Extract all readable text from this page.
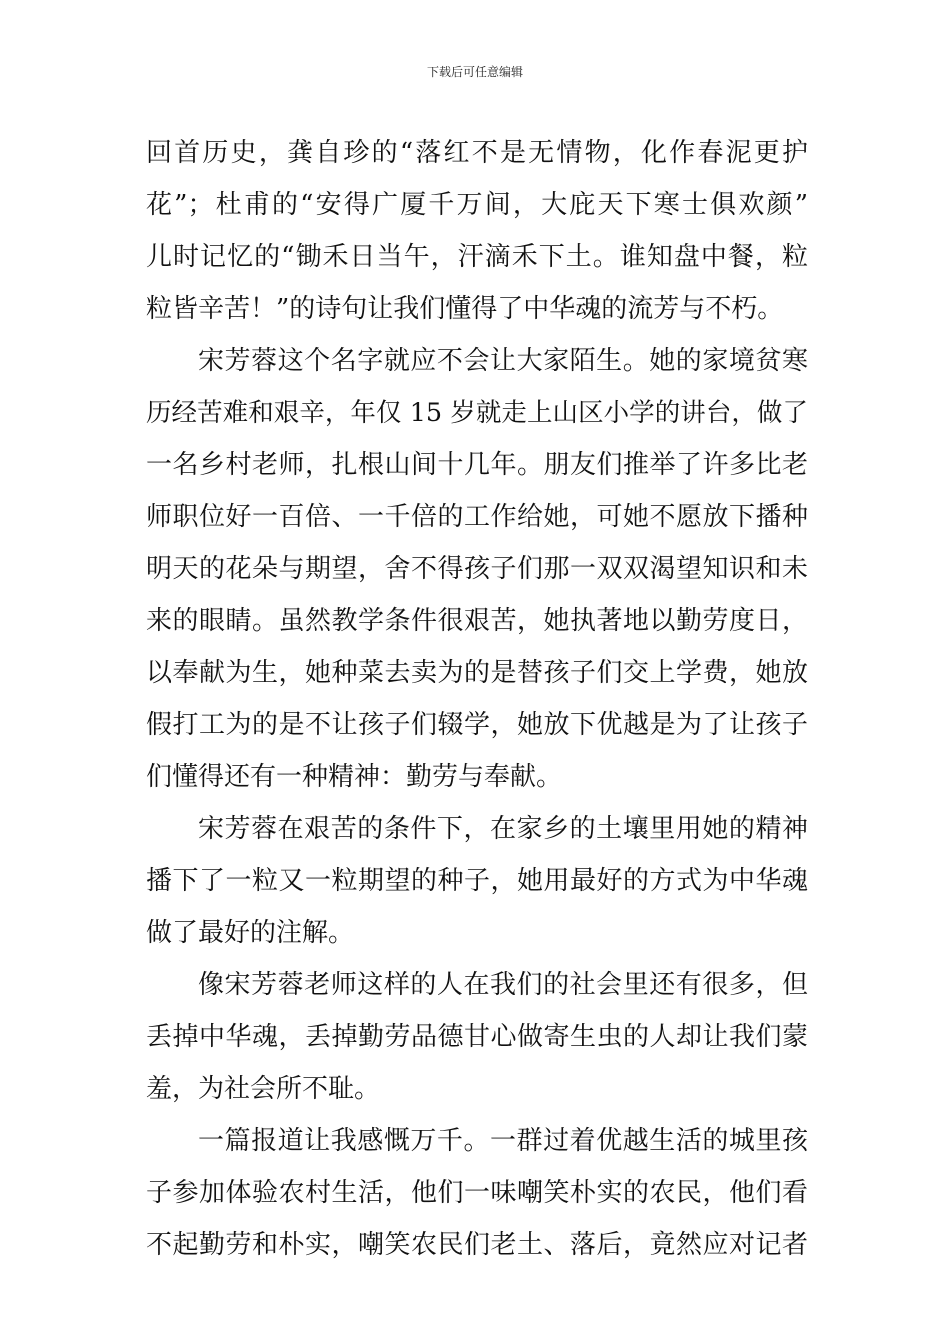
下载后可任意编辑
回首历史，龚自珍的“落红不是无情物，化作春泥更护
花”；杜甫的“安得广厦千万间，大庇天下寒士俱欢颜”
儿时记忆的“锄禾日当午，汗滴禾下土。谁知盘中餐，粒
粒皆辛苦！”的诗句让我们懂得了中华魂的流芳与不朽。
宋芳蓉这个名字就应不会让大家陌生。她的家境贫寒
历经苦难和艰辛，年仅 15 岁就走上山区小学的讲台，做了
一名乡村老师，扎根山间十几年。朋友们推举了许多比老
师职位好一百倍、一千倍的工作给她，可她不愿放下播种
明天的花朵与期望，舍不得孩子们那一双双渴望知识和未
来的眼睛。虽然教学条件很艰苦，她执著地以勤劳度日，
以奉献为生，她种菜去卖为的是替孩子们交上学费，她放
假打工为的是不让孩子们辍学，她放下优越是为了让孩子
们懂得还有一种精神：勤劳与奉献。
宋芳蓉在艰苦的条件下，在家乡的土壤里用她的精神
播下了一粒又一粒期望的种子，她用最好的方式为中华魂
做了最好的注解。
像宋芳蓉老师这样的人在我们的社会里还有很多，但
丢掉中华魂，丢掉勤劳品德甘心做寄生虫的人却让我们蒙
羞，为社会所不耻。
一篇报道让我感慨万千。一群过着优越生活的城里孩
子参加体验农村生活，他们一味嘲笑朴实的农民，他们看
不起勤劳和朴实，嘲笑农民们老土、落后，竟然应对记者
